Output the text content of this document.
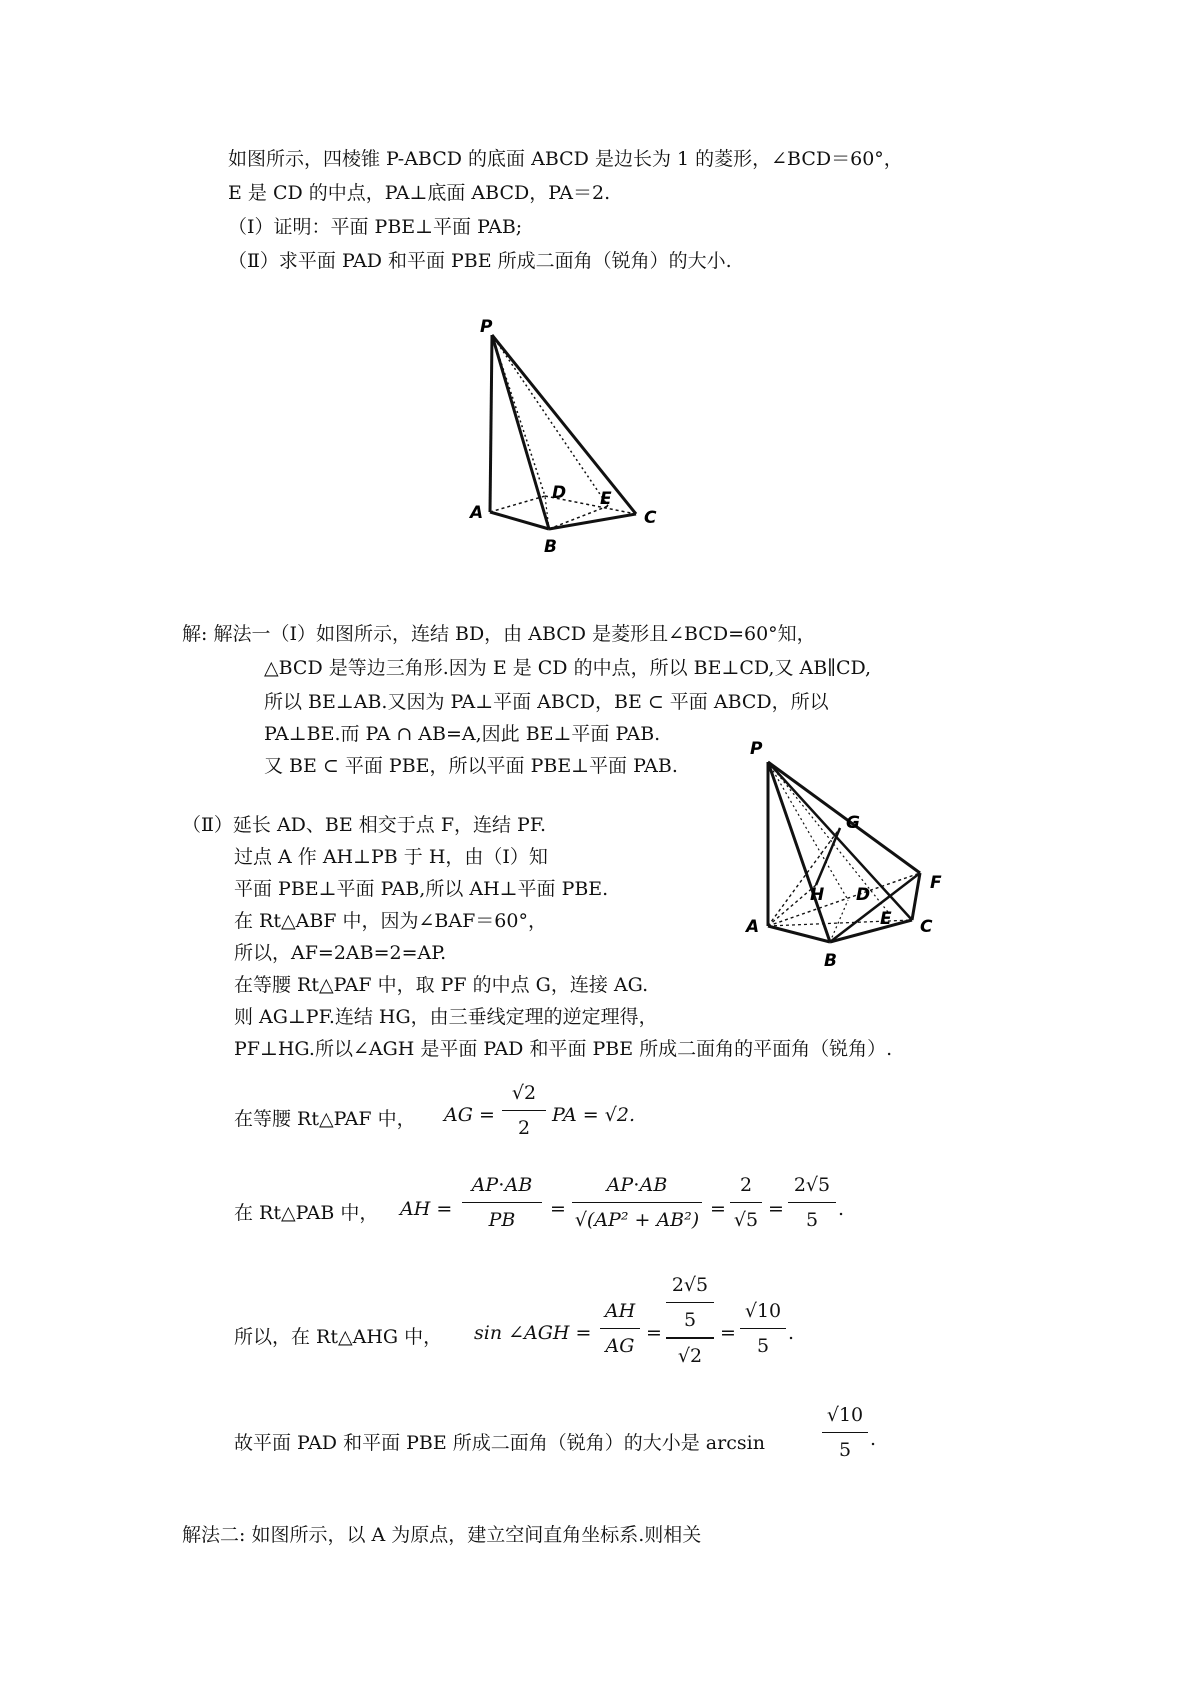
如图所示，四棱锥 P-ABCD 的底面 ABCD 是边长为 1 的菱形，∠BCD＝60°，
E 是 CD 的中点，PA⊥底面 ABCD，PA＝2.
（Ⅰ）证明：平面 PBE⊥平面 PAB;
（Ⅱ）求平面 PAD 和平面 PBE 所成二面角（锐角）的大小.
P
A
B
C
D E
解: 解法一（Ⅰ）如图所示，连结 BD，由 ABCD 是菱形且∠BCD=60°知，
△BCD 是等边三角形.因为 E 是 CD 的中点，所以 BE⊥CD,又 AB∥CD,
所以 BE⊥AB.又因为 PA⊥平面 ABCD，BE ⊂ 平面 ABCD，所以
PA⊥BE.而 PA ∩ AB=A,因此 BE⊥平面 PAB.
又 BE ⊂ 平面 PBE，所以平面 PBE⊥平面 PAB.
P
G
F
H D
E
A
B
C
（Ⅱ）延长 AD、BE 相交于点 F，连结 PF.
过点 A 作 AH⊥PB 于 H，由（Ⅰ）知
平面 PBE⊥平面 PAB,所以 AH⊥平面 PBE.
在 Rt△ABF 中，因为∠BAF＝60°，
所以，AF=2AB=2=AP.
在等腰 Rt△PAF 中，取 PF 的中点 G，连接 AG.
则 AG⊥PF.连结 HG，由三垂线定理的逆定理得，
PF⊥HG.所以∠AGH 是平面 PAD 和平面 PBE 所成二面角的平面角（锐角）.
在等腰 Rt△PAF 中， AG =
√2
2
PA = √2.
在 Rt△PAB 中， AH =
AP⋅AB
PB	=
AP⋅AB
√(AP² + AB²) =
2
√5 =
2√5
5	.
所以，在 Rt△AHG 中， sin ∠AGH =
AH
AG
=
2√5
5
√2
=
√10
5
.
故平面 PAD 和平面 PBE 所成二面角（锐角）的大小是 arcsin
√10
5 .
解法二: 如图所示，以 A 为原点，建立空间直角坐标系.则相关
